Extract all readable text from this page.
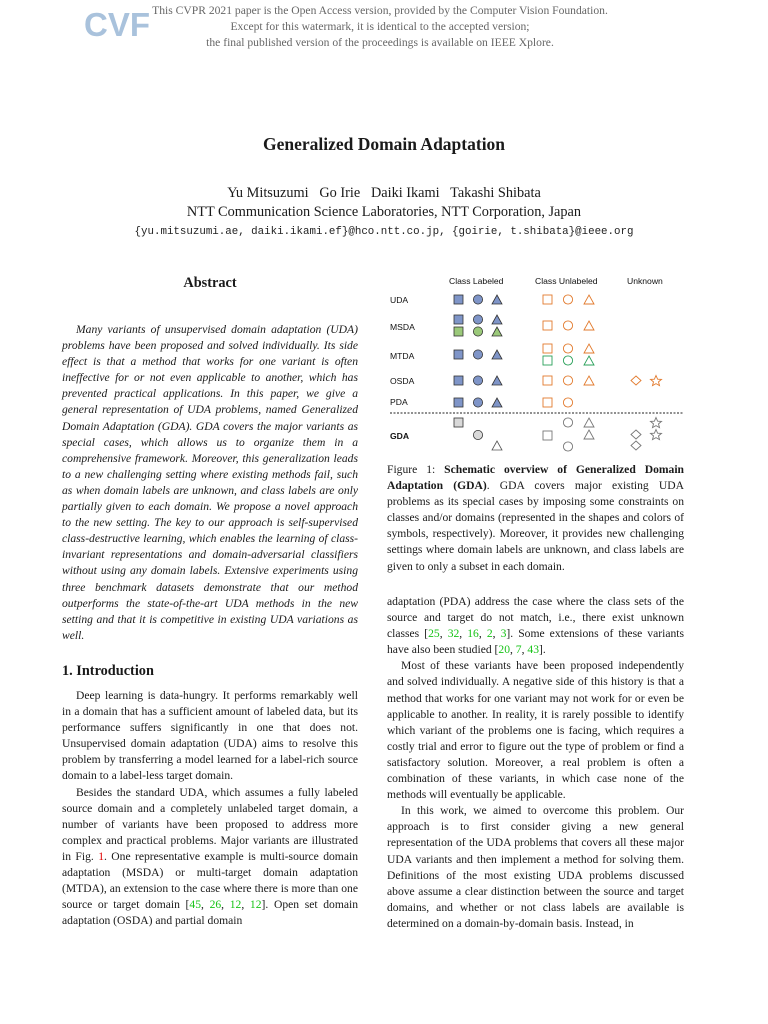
CVF This CVPR 2021 paper is the Open Access version, provided by the Computer Vision Foundation.
Except for this watermark, it is identical to the accepted version;
the final published version of the proceedings is available on IEEE Xplore.
Generalized Domain Adaptation
Yu Mitsuzumi   Go Irie   Daiki Ikami   Takashi Shibata
NTT Communication Science Laboratories, NTT Corporation, Japan
{yu.mitsuzumi.ae, daiki.ikami.ef}@hco.ntt.co.jp, {goirie, t.shibata}@ieee.org
Abstract
Many variants of unsupervised domain adaptation (UDA) problems have been proposed and solved individually. Its side effect is that a method that works for one variant is often ineffective for or not even applicable to another, which has prevented practical applications. In this paper, we give a general representation of UDA problems, named Generalized Domain Adaptation (GDA). GDA covers the major variants as special cases, which allows us to organize them in a comprehensive framework. Moreover, this generalization leads to a new challenging setting where existing methods fail, such as when domain labels are unknown, and class labels are only partially given to each domain. We propose a novel approach to the new setting. The key to our approach is self-supervised class-destructive learning, which enables the learning of class-invariant representations and domain-adversarial classifiers without using any domain labels. Extensive experiments using three benchmark datasets demonstrate that our method outperforms the state-of-the-art UDA methods in the new setting and that it is competitive in existing UDA variations as well.
1. Introduction

Deep learning is data-hungry. It performs remarkably well in a domain that has a sufficient amount of labeled data, but its performance suffers significantly in one that does not. Unsupervised domain adaptation (UDA) aims to resolve this problem by transferring a model learned for a label-rich source domain to a label-less target domain.

Besides the standard UDA, which assumes a fully labeled source domain and a completely unlabeled target domain, a number of variants have been proposed to address more complex and practical problems. Major variants are illustrated in Fig. 1. One representative example is multi-source domain adaptation (MSDA) or multi-target domain adaptation (MTDA), an extension to the case where there is more than one source or target domain [45, 26, 12, 12]. Open set domain adaptation (OSDA) and partial domain

Class Labeled	Class Unlabeled	Unknown
UDA
MSDA
MTDA
OSDA
PDA
GDA
Figure 1: Schematic overview of Generalized Domain Adaptation (GDA). GDA covers major existing UDA problems as its special cases by imposing some constraints on classes and/or domains (represented in the shapes and colors of symbols, respectively). Moreover, it provides new challenging settings where domain labels are unknown, and class labels are given to only a subset in each domain.

adaptation (PDA) address the case where the class sets of the source and target do not match, i.e., there exist unknown classes [25, 32, 16, 2, 3]. Some extensions of these variants have also been studied [20, 7, 43].

Most of these variants have been proposed independently and solved individually. A negative side of this history is that a method that works for one variant may not work for or even be applicable to another. In reality, it is rarely possible to identify which variant of the problems one is facing, which requires a costly trial and error to figure out the type of problem or find a satisfactory solution. Moreover, a real problem is often a combination of these variants, in which case none of the methods will eventually be applicable.

In this work, we aimed to overcome this problem. Our approach is to first consider giving a new general representation of the UDA problems that covers all these major UDA variants and then implement a method for solving them. Definitions of the most existing UDA problems discussed above assume a clear distinction between the source and target domains, and whether or not class labels are available is determined on a domain-by-domain basis. Instead, in
